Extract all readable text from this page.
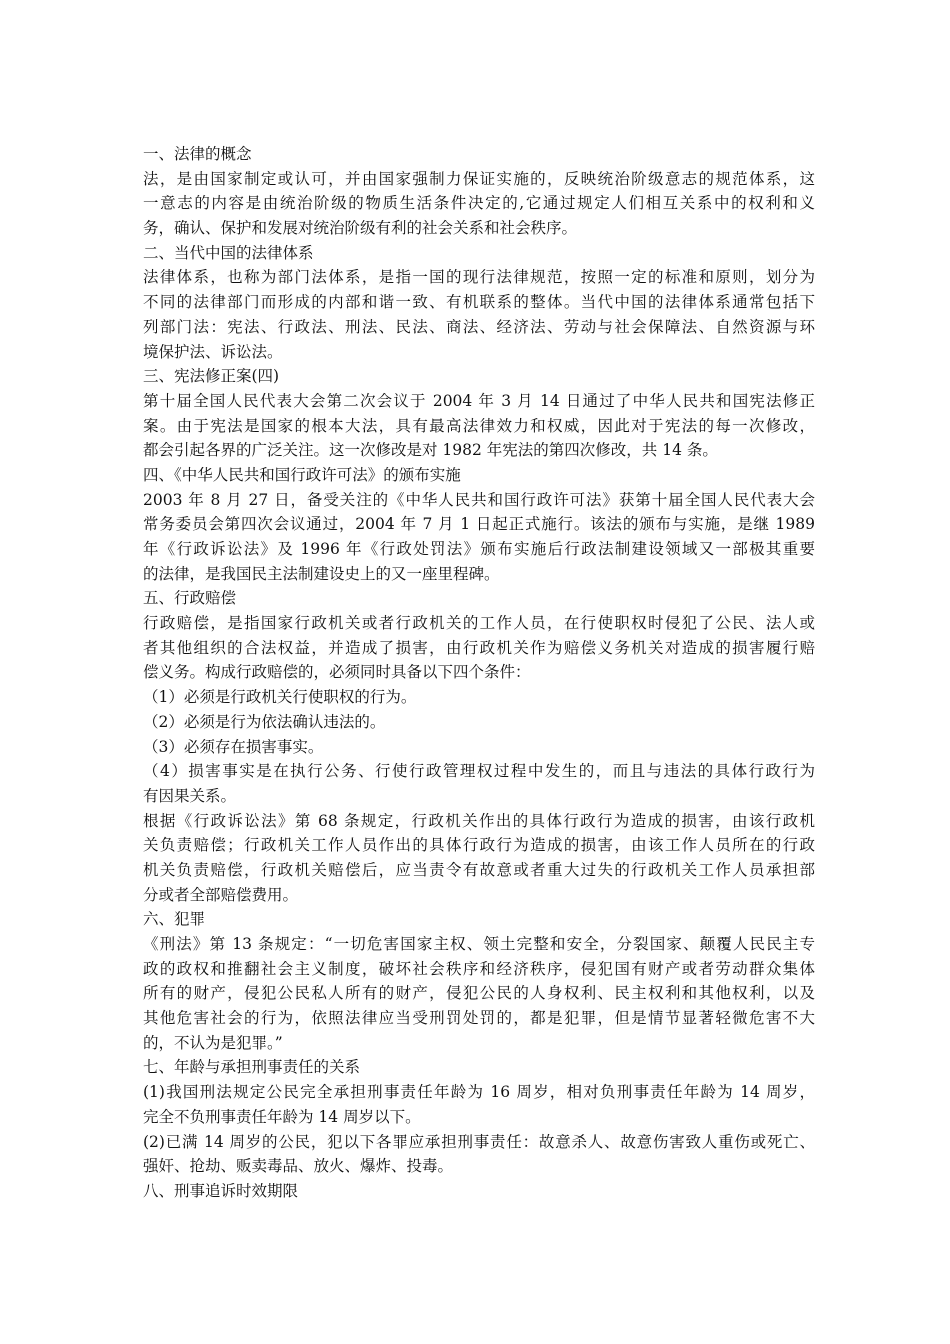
一、法律的概念
法，是由国家制定或认可，并由国家强制力保证实施的，反映统治阶级意志的规范体系，这
一意志的内容是由统治阶级的物质生活条件决定的,它通过规定人们相互关系中的权利和义
务，确认、保护和发展对统治阶级有利的社会关系和社会秩序。
二、当代中国的法律体系
法律体系，也称为部门法体系，是指一国的现行法律规范，按照一定的标准和原则，划分为
不同的法律部门而形成的内部和谐一致、有机联系的整体。当代中国的法律体系通常包括下
列部门法：宪法、行政法、刑法、民法、商法、经济法、劳动与社会保障法、自然资源与环
境保护法、诉讼法。
三、宪法修正案(四)
第十届全国人民代表大会第二次会议于 2004 年 3 月 14 日通过了中华人民共和国宪法修正
案。由于宪法是国家的根本大法，具有最高法律效力和权威，因此对于宪法的每一次修改，
都会引起各界的广泛关注。这一次修改是对 1982 年宪法的第四次修改，共 14 条。
四、《中华人民共和国行政许可法》的颁布实施
2003 年 8 月 27 日，备受关注的《中华人民共和国行政许可法》获第十届全国人民代表大会
常务委员会第四次会议通过，2004 年 7 月 1 日起正式施行。该法的颁布与实施，是继 1989
年《行政诉讼法》及 1996 年《行政处罚法》颁布实施后行政法制建设领域又一部极其重要
的法律，是我国民主法制建设史上的又一座里程碑。
五、行政赔偿
行政赔偿，是指国家行政机关或者行政机关的工作人员，在行使职权时侵犯了公民、法人或
者其他组织的合法权益，并造成了损害，由行政机关作为赔偿义务机关对造成的损害履行赔
偿义务。构成行政赔偿的，必须同时具备以下四个条件：
（1）必须是行政机关行使职权的行为。
（2）必须是行为依法确认违法的。
（3）必须存在损害事实。
（4）损害事实是在执行公务、行使行政管理权过程中发生的，而且与违法的具体行政行为
有因果关系。
根据《行政诉讼法》第 68 条规定，行政机关作出的具体行政行为造成的损害，由该行政机
关负责赔偿；行政机关工作人员作出的具体行政行为造成的损害，由该工作人员所在的行政
机关负责赔偿，行政机关赔偿后，应当责令有故意或者重大过失的行政机关工作人员承担部
分或者全部赔偿费用。
六、犯罪
《刑法》第 13 条规定：“一切危害国家主权、领土完整和安全，分裂国家、颠覆人民民主专
政的政权和推翻社会主义制度，破坏社会秩序和经济秩序，侵犯国有财产或者劳动群众集体
所有的财产，侵犯公民私人所有的财产，侵犯公民的人身权利、民主权利和其他权利，以及
其他危害社会的行为，依照法律应当受刑罚处罚的，都是犯罪，但是情节显著轻微危害不大
的，不认为是犯罪。”
七、年龄与承担刑事责任的关系
(1)我国刑法规定公民完全承担刑事责任年龄为 16 周岁，相对负刑事责任年龄为 14 周岁，
完全不负刑事责任年龄为 14 周岁以下。
(2)已满 14 周岁的公民，犯以下各罪应承担刑事责任：故意杀人、故意伤害致人重伤或死亡、
强奸、抢劫、贩卖毒品、放火、爆炸、投毒。
八、刑事追诉时效期限
